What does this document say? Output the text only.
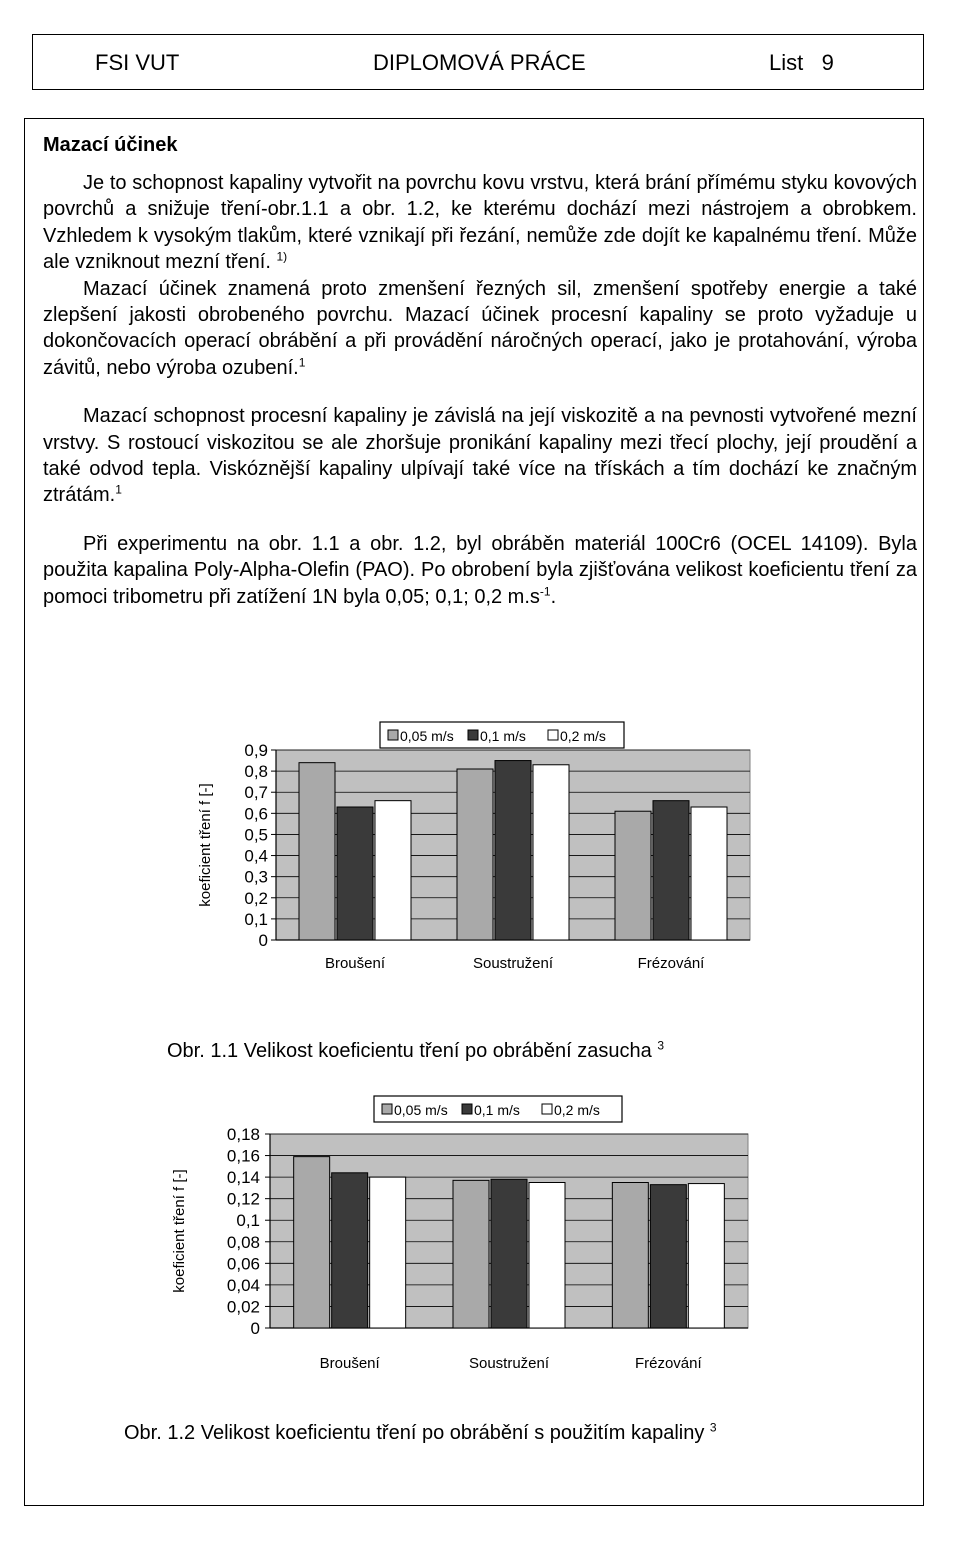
FSI VUT	DIPLOMOVÁ PRÁCE	List   9
Mazací účinek

Je to schopnost kapaliny vytvořit na povrchu kovu vrstvu, která brání přímému styku kovových povrchů a snižuje tření-obr.1.1 a obr. 1.2, ke kterému dochází mezi nástrojem a obrobkem. Vzhledem k vysokým tlakům, které vznikají při řezání, nemůže zde dojít ke kapalnému tření. Může ale vzniknout mezní tření. $^{1)}$

Mazací účinek znamená proto zmenšení řezných sil, zmenšení spotřeby energie a také zlepšení jakosti obrobeného povrchu. Mazací účinek procesní kapaliny se proto vyžaduje u dokončovacích operací obrábění a při provádění náročných operací, jako je protahování, výroba závitů, nebo výroba ozubení.$^1$

Mazací schopnost procesní kapaliny je závislá na její viskozitě a na pevnosti vytvořené mezní vrstvy. S rostoucí viskozitou se ale zhoršuje pronikání kapaliny mezi třecí plochy, její proudění a také odvod tepla. Viskóznější kapaliny ulpívají také více na třískách a tím dochází ke značným ztrátám.$^1$

Při experimentu na obr. 1.1 a obr. 1.2, byl obráběn materiál 100Cr6 (OCEL 14109). Byla použita kapalina Poly-Alpha-Olefin (PAO). Po obrobení byla zjišťována velikost koeficientu tření za pomoci tribometru při zatížení 1N byla 0,05; 0,1; 0,2 $m.s^{-1}$.

0,05 m/s 0,1 m/s 0,2 m/s
0
0,1
0,2
0,3
0,4
0,5
0,6
0,7
0,8
0,9
koeficient tření f [-]
Broušení	Soustružení	Frézování
Obr. 1.1 Velikost koeficientu tření po obrábění zasucha $^3$
0,05 m/s 0,1 m/s 0,2 m/s
0
0,02
0,04
0,06
0,08
0,1
0,12
0,14
0,16
0,18
koeficient tření f [-]
Broušení	Soustružení	Frézování
Obr. 1.2 Velikost koeficientu tření po obrábění s použitím kapaliny $^3$
